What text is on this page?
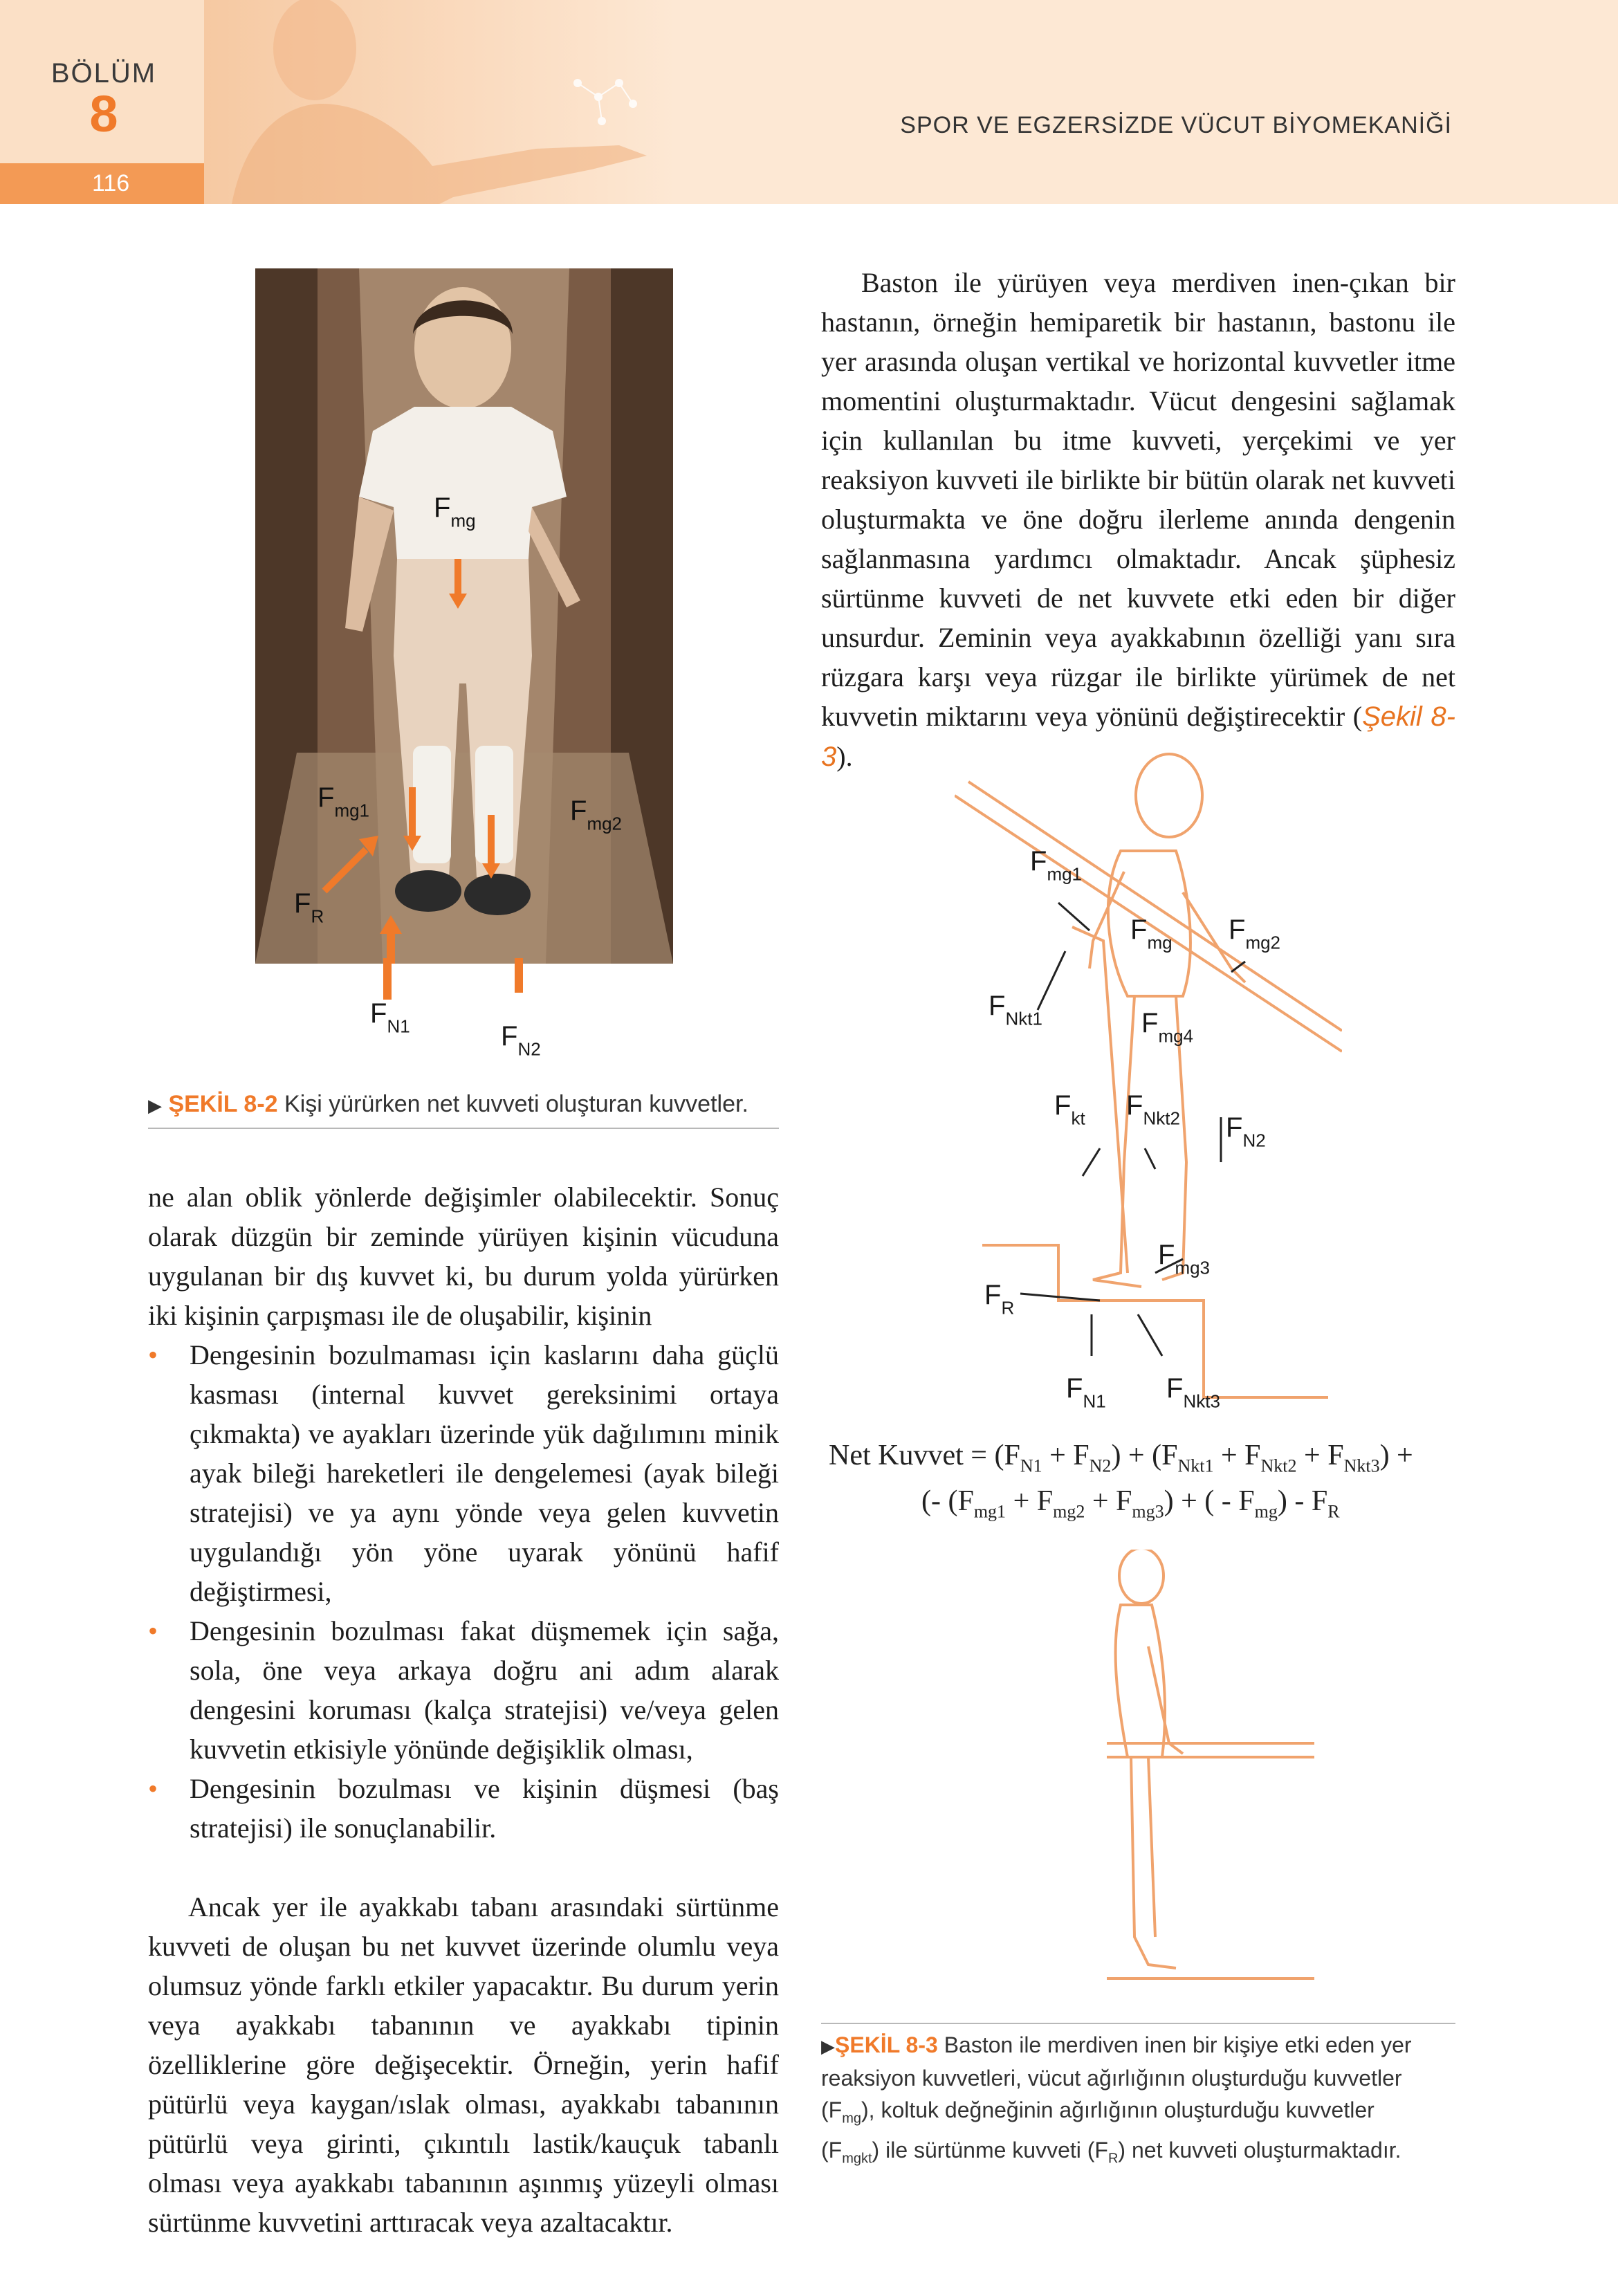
BÖLÜM
8
116
SPOR VE EGZERSİZDE VÜCUT BİYOMEKANİĞİ

Baston ile yürüyen veya merdiven inen-çıkan bir hastanın, örneğin hemiparetik bir hastanın, bastonu ile yer arasında oluşan vertikal ve horizontal kuvvetler itme momentini oluşturmaktadır. Vücut dengesini sağlamak için kullanılan bu itme kuvveti, yerçekimi ve yer reaksiyon kuvveti ile birlikte bir bütün olarak net kuvveti oluşturmakta ve öne doğru ilerleme anında dengenin sağlanmasına yardımcı olmaktadır. Ancak şüphesiz sürtünme kuvveti de net kuvvete etki eden bir diğer unsurdur. Zeminin veya ayakkabının özelliği yanı sıra rüzgara karşı veya rüzgar ile birlikte yürümek de net kuvvetin miktarını veya yönünü değiştirecektir (Şekil 8-3).

$F_{mg}$
$F_{mg1}$	$F_{mg2}$
$F_R$
$F_{N1}$	$F_{N2}$
▶ ŞEKİL 8-2 Kişi yürürken net kuvveti oluşturan kuvvetler.

ne alan oblik yönlerde değişimler olabilecektir. Sonuç olarak düzgün bir zeminde yürüyen kişinin vücuduna uygulanan bir dış kuvvet ki, bu durum yolda yürürken iki kişinin çarpışması ile de oluşabilir, kişinin

• Dengesinin bozulmaması için kaslarını daha güçlü kasması (internal kuvvet gereksinimi ortaya çıkmakta) ve ayakları üzerinde yük dağılımını minik ayak bileği hareketleri ile dengelemesi (ayak bileği stratejisi) ve ya aynı yönde veya gelen kuvvetin uygulandığı yön yöne uyarak yönünü hafif değiştirmesi,
• Dengesinin bozulması fakat düşmemek için sağa, sola, öne veya arkaya doğru ani adım alarak dengesini koruması (kalça stratejisi) ve/veya gelen kuvvetin etkisiyle yönünde değişiklik olması,
• Dengesinin bozulması ve kişinin düşmesi (baş stratejisi) ile sonuçlanabilir.

Ancak yer ile ayakkabı tabanı arasındaki sürtünme kuvveti de oluşan bu net kuvvet üzerinde olumlu veya olumsuz yönde farklı etkiler yapacaktır. Bu durum yerin veya ayakkabı tabanının ve ayakkabı tipinin özelliklerine göre değişecektir. Örneğin, yerin hafif pütürlü veya kaygan/ıslak olması, ayakkabı tabanının pütürlü veya girinti, çıkıntılı lastik/kauçuk tabanlı olması veya ayakkabı tabanının aşınmış yüzeyli olması sürtünme kuvvetini arttıracak veya azaltacaktır.

$F_{mg1}$
$F_{mg}$ $F_{mg2}$
$F_{Nkt1}$	$F_{mg4}$
$F_{kt}$ $F_{Nkt2}$ $F_{N2}$
$F_{mg3}$
$F_R$
$F_{N1}$ $F_{Nkt3}$
Net Kuvvet = $(F_{N1} + F_{N2}) + (F_{Nkt1} + F_{Nkt2} + F_{Nkt3})$ +
(- $(F_{mg1} + F_{mg2} + F_{mg3})$ + ( - $F_{mg}) - F_R$
▶ŞEKİL 8-3 Baston ile merdiven inen bir kişiye etki eden yer
reaksiyon kuvvetleri, vücut ağırlığının oluşturduğu kuvvetler
$(F_{mg})$, koltuk değneğinin ağırlığının oluşturduğu kuvvetler
$(F_{mgkt})$ ile sürtünme kuvveti $(F_R)$ net kuvveti oluşturmaktadır.
